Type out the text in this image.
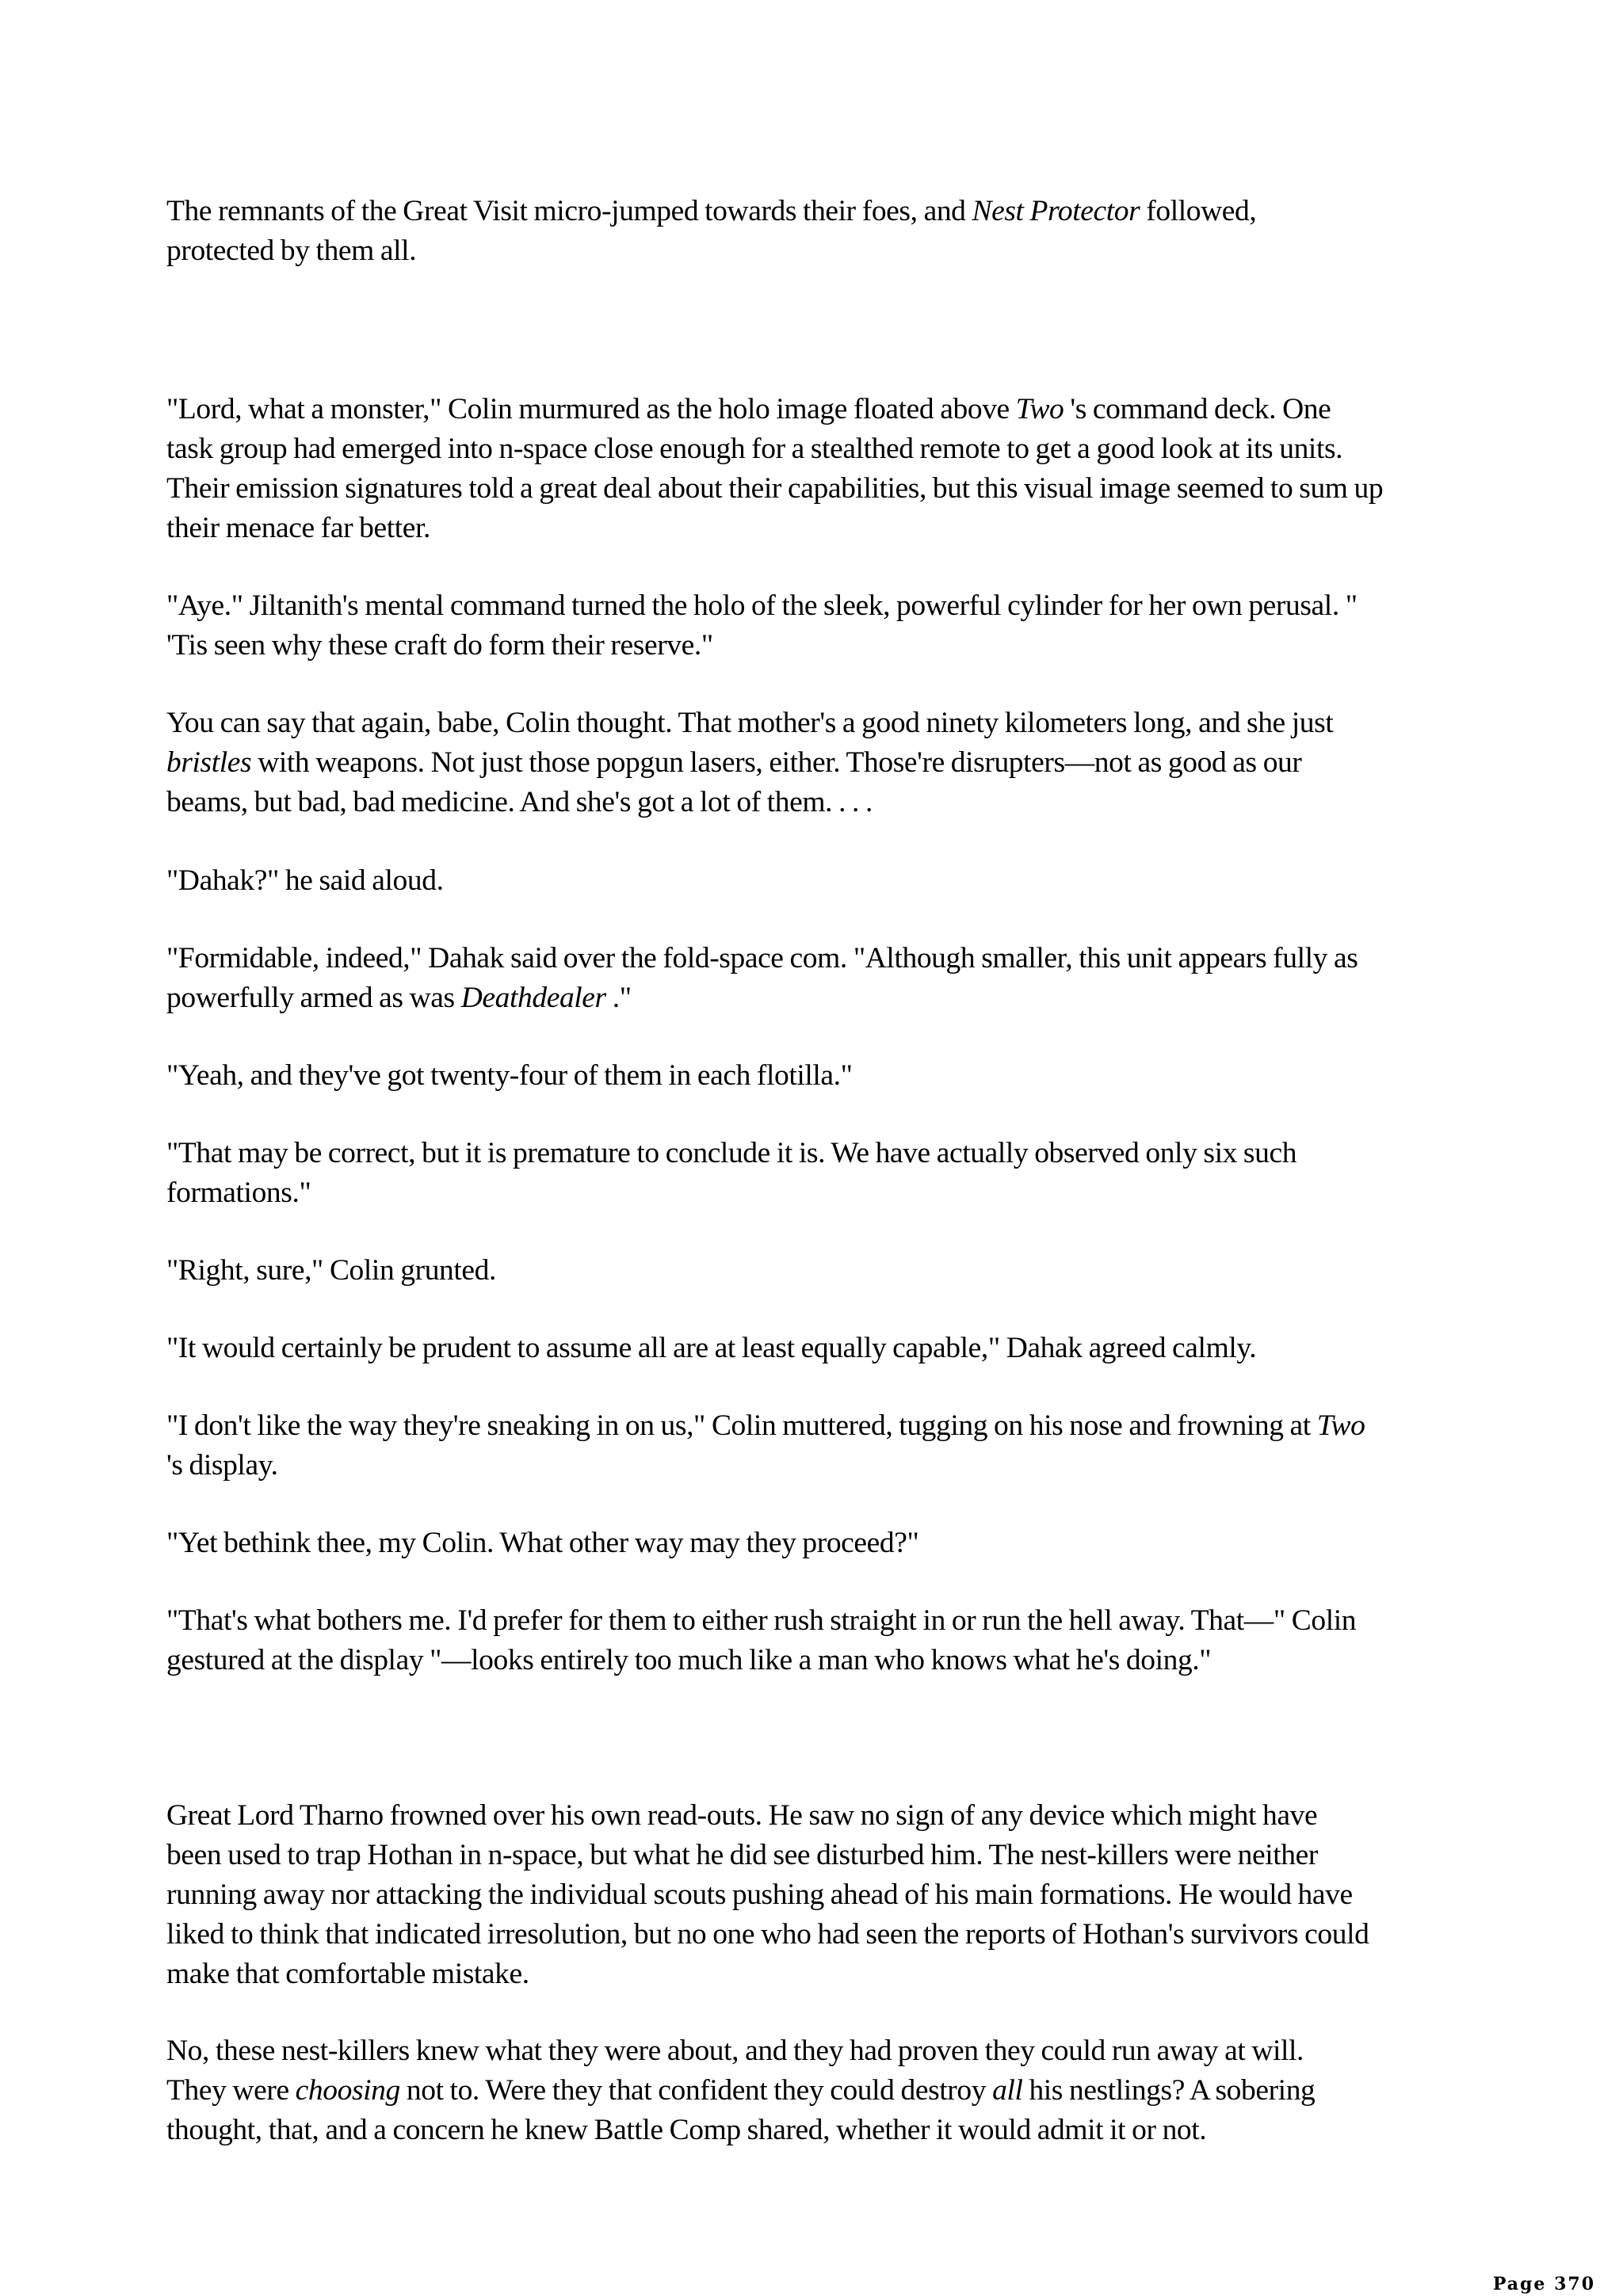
The remnants of the Great Visit micro-jumped towards their foes, and Nest Protector followed,
protected by them all.
"Lord, what a monster," Colin murmured as the holo image floated above Two 's command deck. One
task group had emerged into n-space close enough for a stealthed remote to get a good look at its units.
Their emission signatures told a great deal about their capabilities, but this visual image seemed to sum up
their menace far better.
"Aye." Jiltanith's mental command turned the holo of the sleek, powerful cylinder for her own perusal. "
'Tis seen why these craft do form their reserve."
You can say that again, babe, Colin thought. That mother's a good ninety kilometers long, and she just
bristles with weapons. Not just those popgun lasers, either. Those're disrupters—not as good as our
beams, but bad, bad medicine. And she's got a lot of them. . . .
"Dahak?" he said aloud.
"Formidable, indeed," Dahak said over the fold-space com. "Although smaller, this unit appears fully as
powerfully armed as was Deathdealer ."
"Yeah, and they've got twenty-four of them in each flotilla."
"That may be correct, but it is premature to conclude it is. We have actually observed only six such
formations."
"Right, sure," Colin grunted.
"It would certainly be prudent to assume all are at least equally capable," Dahak agreed calmly.
"I don't like the way they're sneaking in on us," Colin muttered, tugging on his nose and frowning at Two
's display.
"Yet bethink thee, my Colin. What other way may they proceed?"
"That's what bothers me. I'd prefer for them to either rush straight in or run the hell away. That—" Colin
gestured at the display "—looks entirely too much like a man who knows what he's doing."
Great Lord Tharno frowned over his own read-outs. He saw no sign of any device which might have
been used to trap Hothan in n-space, but what he did see disturbed him. The nest-killers were neither
running away nor attacking the individual scouts pushing ahead of his main formations. He would have
liked to think that indicated irresolution, but no one who had seen the reports of Hothan's survivors could
make that comfortable mistake.
No, these nest-killers knew what they were about, and they had proven they could run away at will.
They were choosing not to. Were they that confident they could destroy all his nestlings? A sobering
thought, that, and a concern he knew Battle Comp shared, whether it would admit it or not.
Page 370
